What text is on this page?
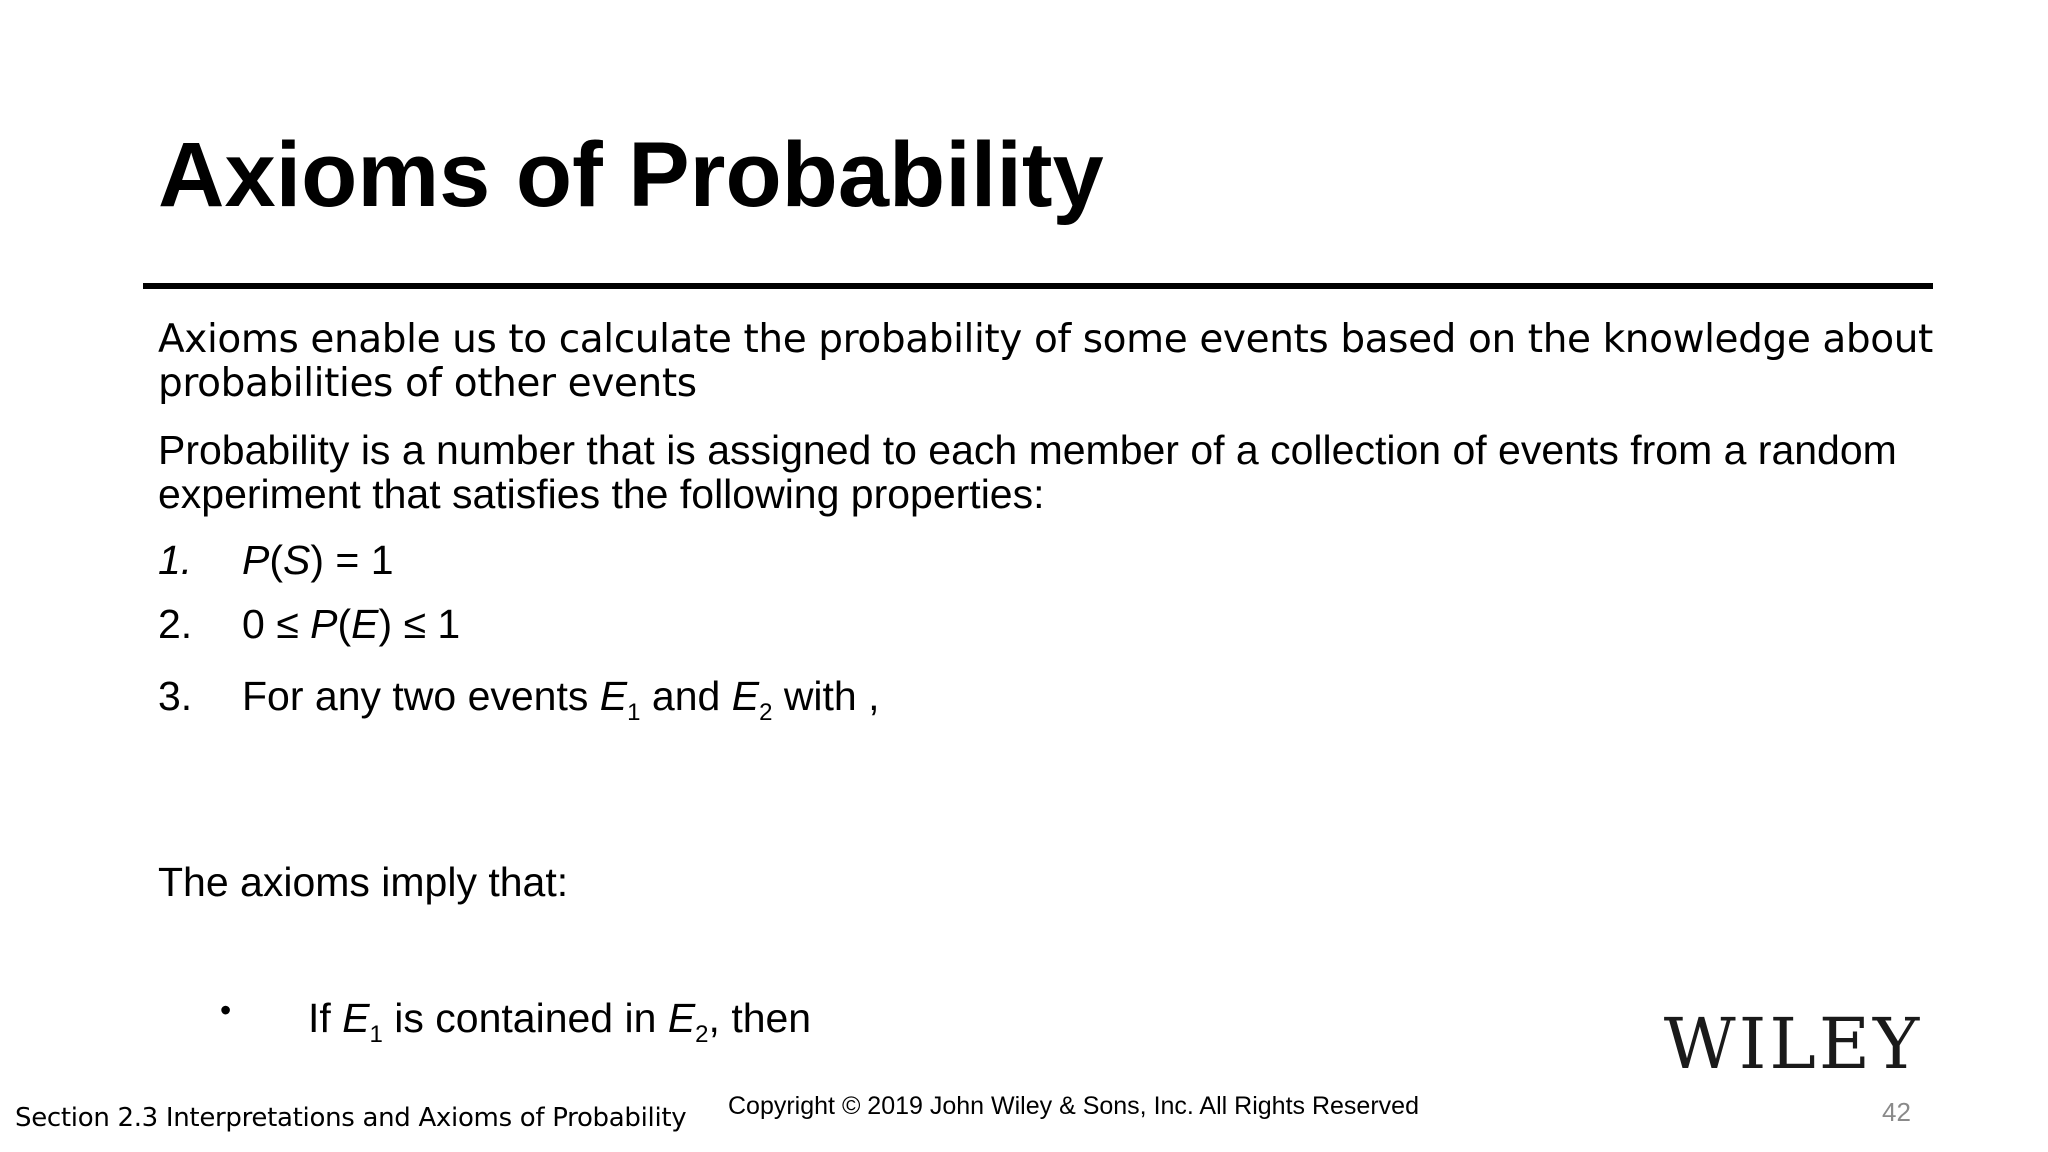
Axioms of Probability
Axioms enable us to calculate the probability of some events based on the knowledge about probabilities of other events
Probability is a number that is assigned to each member of a collection of events from a random experiment that satisfies the following properties:
1. P(S) = 1
2. 0 ≤ P(E) ≤ 1
3. For any two events $E_1$ and $E_2$ with ,
The axioms imply that:
• If $E_1$ is contained in $E_2$, then	WILEY
Section 2.3 Interpretations and Axioms of Probability Copyright © 2019 John Wiley & Sons, Inc. All Rights Reserved	42
